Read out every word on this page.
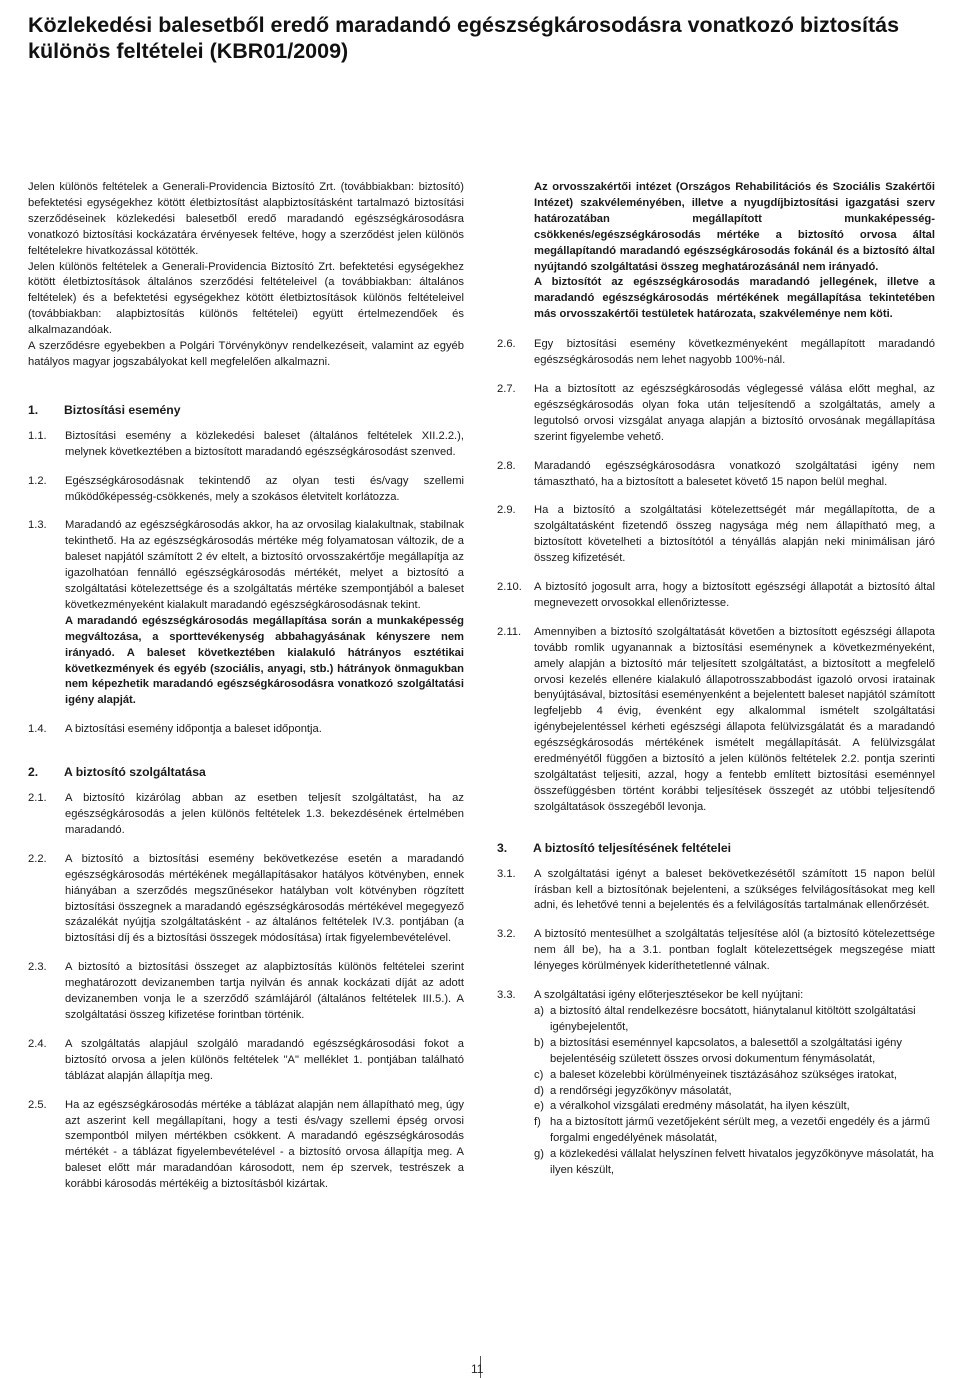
Közlekedési balesetből eredő maradandó egészségkárosodásra vonatkozó biztosítás különös feltételei (KBR01/2009)

Jelen különös feltételek a Generali-Providencia Biztosító Zrt. (továbbiakban: biztosító) befektetési egységekhez kötött életbiztosítást alapbiztosításként tartalmazó biztosítási szerződéseinek közlekedési balesetből eredő maradandó egészségkárosodásra vonatkozó biztosítási kockázatára érvényesek feltéve, hogy a szerződést jelen különös feltételekre hivatkozással kötötték.

Jelen különös feltételek a Generali-Providencia Biztosító Zrt. befektetési egységekhez kötött életbiztosítások általános szerződési feltételeivel (a továbbiakban: általános feltételek) és a befektetési egységekhez kötött életbiztosítások különös feltételeivel (továbbiakban: alapbiztosítás különös feltételei) együtt értelmezendőek és alkalmazandóak.

A szerződésre egyebekben a Polgári Törvénykönyv rendelkezéseit, valamint az egyéb hatályos magyar jogszabályokat kell megfelelően alkalmazni.

1.	Biztosítási esemény
1.1.	Biztosítási esemény a közlekedési baleset (általános feltételek XII.2.2.), melynek következtében a biztosított maradandó egészségkárosodást szenved.

1.2.	Egészségkárosodásnak tekintendő az olyan testi és/vagy szellemi működőképesség-csökkenés, mely a szokásos életvitelt korlátozza.

1.3.	Maradandó az egészségkárosodás akkor, ha az orvosilag kialakultnak, stabilnak tekinthető. Ha az egészségkárosodás mértéke még folyamatosan változik, de a baleset napjától számított 2 év eltelt, a biztosító orvosszakértője megállapítja az igazolhatóan fennálló egészségkárosodás mértékét, melyet a biztosító a szolgáltatási kötelezettsége és a szolgáltatás mértéke szempontjából a baleset következményeként kialakult maradandó egészségkárosodásnak tekint.

A maradandó egészségkárosodás megállapítása során a munkaképesség megváltozása, a sporttevékenység abbahagyásának kényszere nem irányadó. A baleset következtében kialakuló hátrányos esztétikai következmények és egyéb (szociális, anyagi, stb.) hátrányok önmagukban nem képezhetik maradandó egészségkárosodásra vonatkozó szolgáltatási igény alapját.

1.4.	A biztosítási esemény időpontja a baleset időpontja.

2.	A biztosító szolgáltatása
2.1.	A biztosító kizárólag abban az esetben teljesít szolgáltatást, ha az egészségkárosodás a jelen különös feltételek 1.3. bekezdésének értelmében maradandó.

2.2.	A biztosító a biztosítási esemény bekövetkezése esetén a maradandó egészségkárosodás mértékének megállapításakor hatályos kötvényben, ennek hiányában a szerződés megszűnésekor hatályban volt kötvényben rögzített biztosítási összegnek a maradandó egészségkárosodás mértékével megegyező százalékát nyújtja szolgáltatásként - az általános feltételek IV.3. pontjában (a biztosítási díj és a biztosítási összegek módosítása) írtak figyelembevételével.

2.3.	A biztosító a biztosítási összeget az alapbiztosítás különös feltételei szerint meghatározott devizanemben tartja nyilván és annak kockázati díját az adott devizanemben vonja le a szerződő számlájáról (általános feltételek III.5.). A szolgáltatási összeg kifizetése forintban történik.

2.4.	A szolgáltatás alapjául szolgáló maradandó egészségkárosodási fokot a biztosító orvosa a jelen különös feltételek "A" melléklet 1. pontjában található táblázat alapján állapítja meg.

2.5.	Ha az egészségkárosodás mértéke a táblázat alapján nem állapítható meg, úgy azt aszerint kell megállapítani, hogy a testi és/vagy szellemi épség orvosi szempontból milyen mértékben csökkent. A maradandó egészségkárosodás mértékét - a táblázat figyelembevételével - a biztosító orvosa állapítja meg. A baleset előtt már maradandóan károsodott, nem ép szervek, testrészek a korábbi károsodás mértékéig a biztosításból kizártak.

Az orvosszakértői intézet (Országos Rehabilitációs és Szociális Szakértői Intézet) szakvéleményében, illetve a nyugdíjbiztosítási igazgatási szerv határozatában megállapított munkaképesség-csökkenés/egészségkárosodás mértéke a biztosító orvosa által megállapítandó maradandó egészségkárosodás fokánál és a biztosító által nyújtandó szolgáltatási összeg meghatározásánál nem irányadó.

A biztosítót az egészségkárosodás maradandó jellegének, illetve a maradandó egészségkárosodás mértékének megállapítása tekintetében más orvosszakértői testületek határozata, szakvéleménye nem köti.

2.6.	Egy biztosítási esemény következményeként megállapított maradandó egészségkárosodás nem lehet nagyobb 100%-nál.

2.7.	Ha a biztosított az egészségkárosodás véglegessé válása előtt meghal, az egészségkárosodás olyan foka után teljesítendő a szolgáltatás, amely a legutolsó orvosi vizsgálat anyaga alapján a biztosító orvosának megállapítása szerint figyelembe vehető.

2.8.	Maradandó egészségkárosodásra vonatkozó szolgáltatási igény nem támasztható, ha a biztosított a balesetet követő 15 napon belül meghal.

2.9.	Ha a biztosító a szolgáltatási kötelezettségét már megállapította, de a szolgáltatásként fizetendő összeg nagysága még nem állapítható meg, a biztosított követelheti a biztosítótól a tényállás alapján neki minimálisan járó összeg kifizetését.

2.10.	A biztosító jogosult arra, hogy a biztosított egészségi állapotát a biztosító által megnevezett orvosokkal ellenőriztesse.

2.11.	Amennyiben a biztosító szolgáltatását követően a biztosított egészségi állapota tovább romlik ugyanannak a biztosítási eseménynek a következményeként, amely alapján a biztosító már teljesített szolgáltatást, a biztosított a megfelelő orvosi kezelés ellenére kialakuló állapotrosszabbodást igazoló orvosi iratainak benyújtásával, biztosítási eseményenként a bejelentett baleset napjától számított legfeljebb 4 évig, évenként egy alkalommal ismételt szolgáltatási igénybejelentéssel kérheti egészségi állapota felülvizsgálatát és a maradandó egészségkárosodás mértékének ismételt megállapítását. A felülvizsgálat eredményétől függően a biztosító a jelen különös feltételek 2.2. pontja szerinti szolgáltatást teljesiti, azzal, hogy a fentebb említett biztosítási eseménnyel összefüggésben történt korábbi teljesítések összegét az utóbbi teljesítendő szolgáltatások összegéből levonja.

3.	A biztosító teljesítésének feltételei
3.1.	A szolgáltatási igényt a baleset bekövetkezésétől számított 15 napon belül írásban kell a biztosítónak bejelenteni, a szükséges felvilágosításokat meg kell adni, és lehetővé tenni a bejelentés és a felvilágosítás tartalmának ellenőrzését.

3.2.	A biztosító mentesülhet a szolgáltatás teljesítése alól (a biztosító kötelezettsége nem áll be), ha a 3.1. pontban foglalt kötelezettségek megszegése miatt lényeges körülmények kideríthetetlenné válnak.

3.3.	A szolgáltatási igény előterjesztésekor be kell nyújtani:

a) a biztosító által rendelkezésre bocsátott, hiánytalanul kitöltött szolgáltatási igénybejelentőt,
b) a biztosítási eseménnyel kapcsolatos, a balesettől a szolgáltatási igény bejelentéséig született összes orvosi dokumentum fénymásolatát,
c) a baleset közelebbi körülményeinek tisztázásához szükséges iratokat,
d) a rendőrségi jegyzőkönyv másolatát,
e) a véralkohol vizsgálati eredmény másolatát, ha ilyen készült,
f) ha a biztosított jármű vezetőjeként sérült meg, a vezetői engedély és a jármű forgalmi engedélyének másolatát,
g) a közlekedési vállalat helyszínen felvett hivatalos jegyzőkönyve másolatát, ha ilyen készült,
11
